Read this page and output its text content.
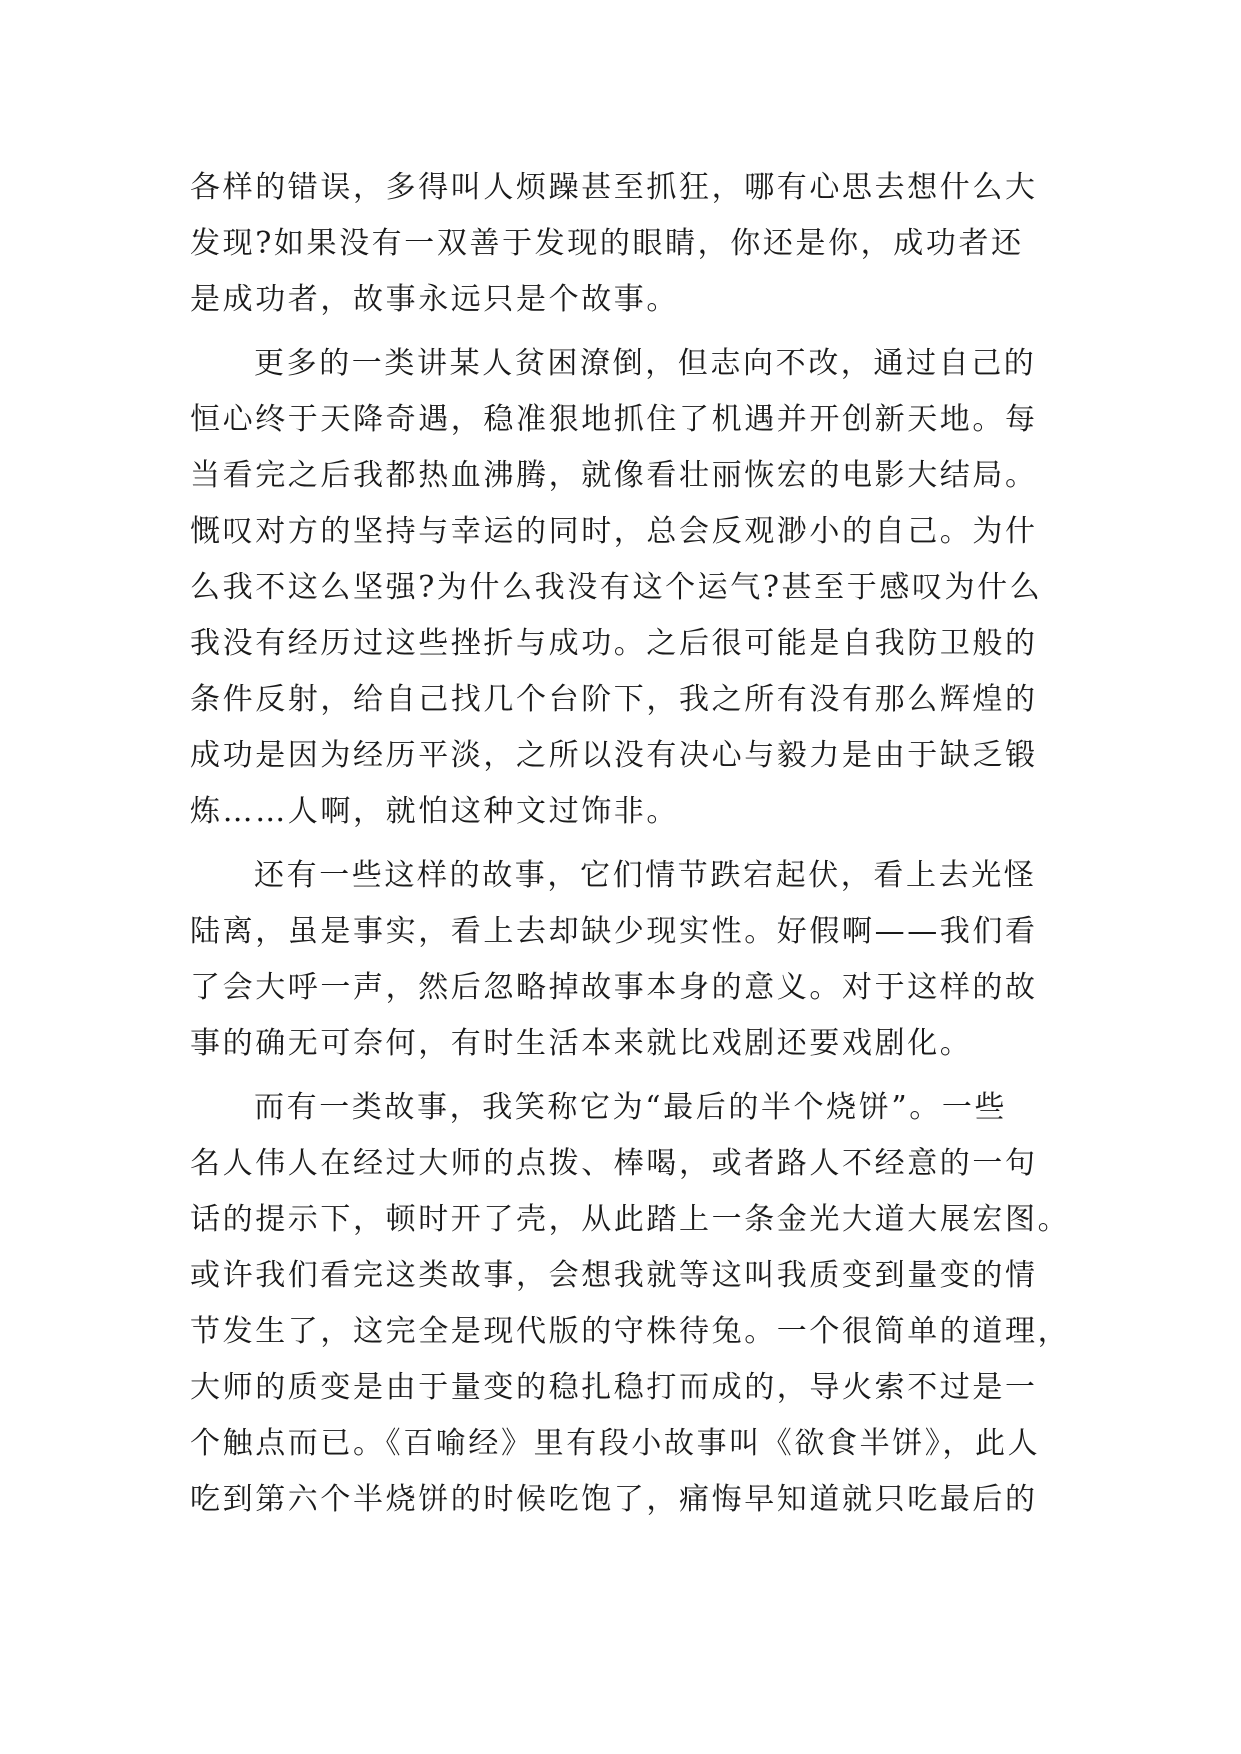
各样的错误，多得叫人烦躁甚至抓狂，哪有心思去想什么大
发现?如果没有一双善于发现的眼睛，你还是你，成功者还
是成功者，故事永远只是个故事。
更多的一类讲某人贫困潦倒，但志向不改，通过自己的
恒心终于天降奇遇，稳准狠地抓住了机遇并开创新天地。每
当看完之后我都热血沸腾，就像看壮丽恢宏的电影大结局。
慨叹对方的坚持与幸运的同时，总会反观渺小的自己。为什
么我不这么坚强?为什么我没有这个运气?甚至于感叹为什么
我没有经历过这些挫折与成功。之后很可能是自我防卫般的
条件反射，给自己找几个台阶下，我之所有没有那么辉煌的
成功是因为经历平淡，之所以没有决心与毅力是由于缺乏锻
炼……人啊，就怕这种文过饰非。
还有一些这样的故事，它们情节跌宕起伏，看上去光怪
陆离，虽是事实，看上去却缺少现实性。好假啊——我们看
了会大呼一声，然后忽略掉故事本身的意义。对于这样的故
事的确无可奈何，有时生活本来就比戏剧还要戏剧化。
而有一类故事，我笑称它为“最后的半个烧饼”。一些
名人伟人在经过大师的点拨、棒喝，或者路人不经意的一句
话的提示下，顿时开了壳，从此踏上一条金光大道大展宏图。
或许我们看完这类故事，会想我就等这叫我质变到量变的情
节发生了，这完全是现代版的守株待兔。一个很简单的道理，
大师的质变是由于量变的稳扎稳打而成的，导火索不过是一
个触点而已。《百喻经》里有段小故事叫《欲食半饼》，此人
吃到第六个半烧饼的时候吃饱了，痛悔早知道就只吃最后的
